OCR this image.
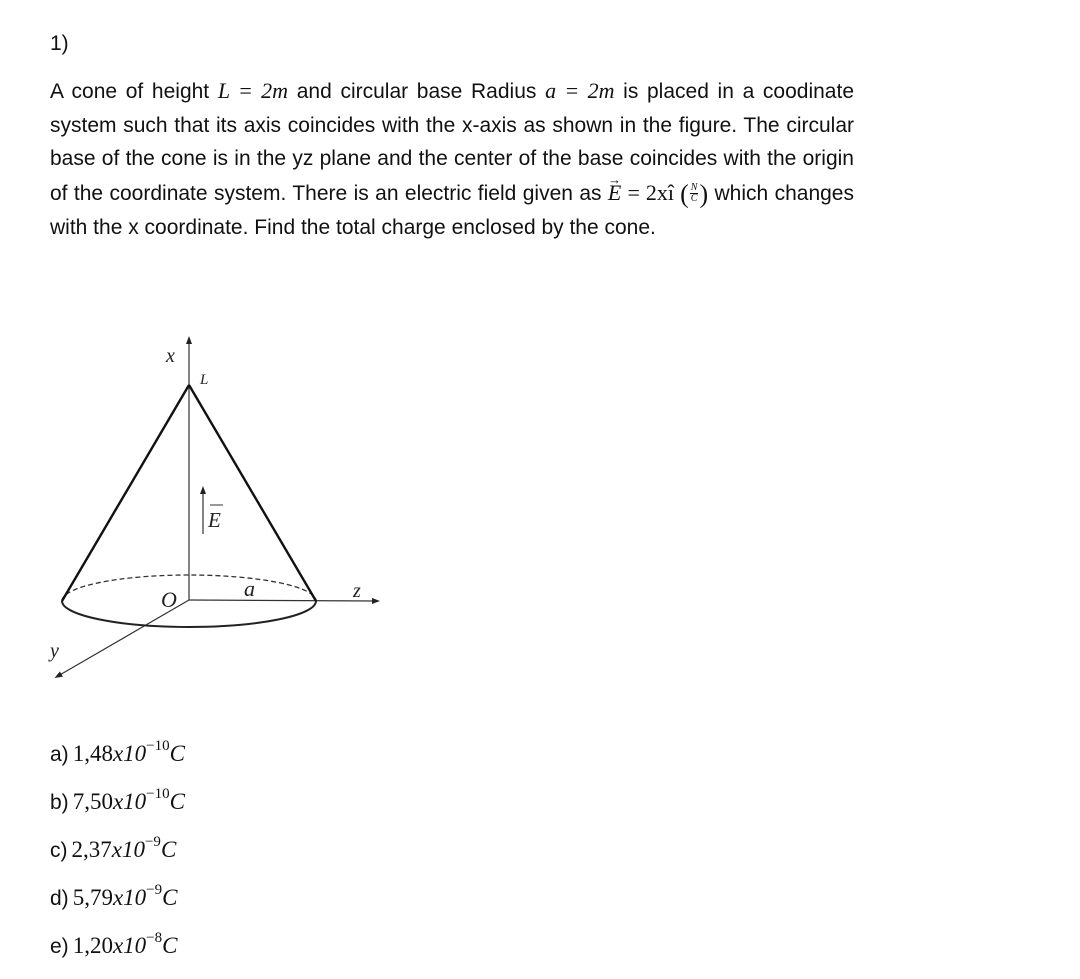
1)
A cone of height L = 2m and circular base Radius a = 2m is placed in a coodinate system such that its axis coincides with the x-axis as shown in the figure. The circular base of the cone is in the yz plane and the center of the base coincides with the origin of the coordinate system. There is an electric field given as → E = 2xî ( $\frac{N}{C}$ ) which changes with the x coordinate. Find the total charge enclosed by the cone.
x
L
E
a	z
O
y
a) $1,48x10^{-10}C$
b) $7,50x10^{-10}C$
c) $2,37x10^{-9}C$
d) $5,79x10^{-9}C$
e) $1,20x10^{-8}C$
